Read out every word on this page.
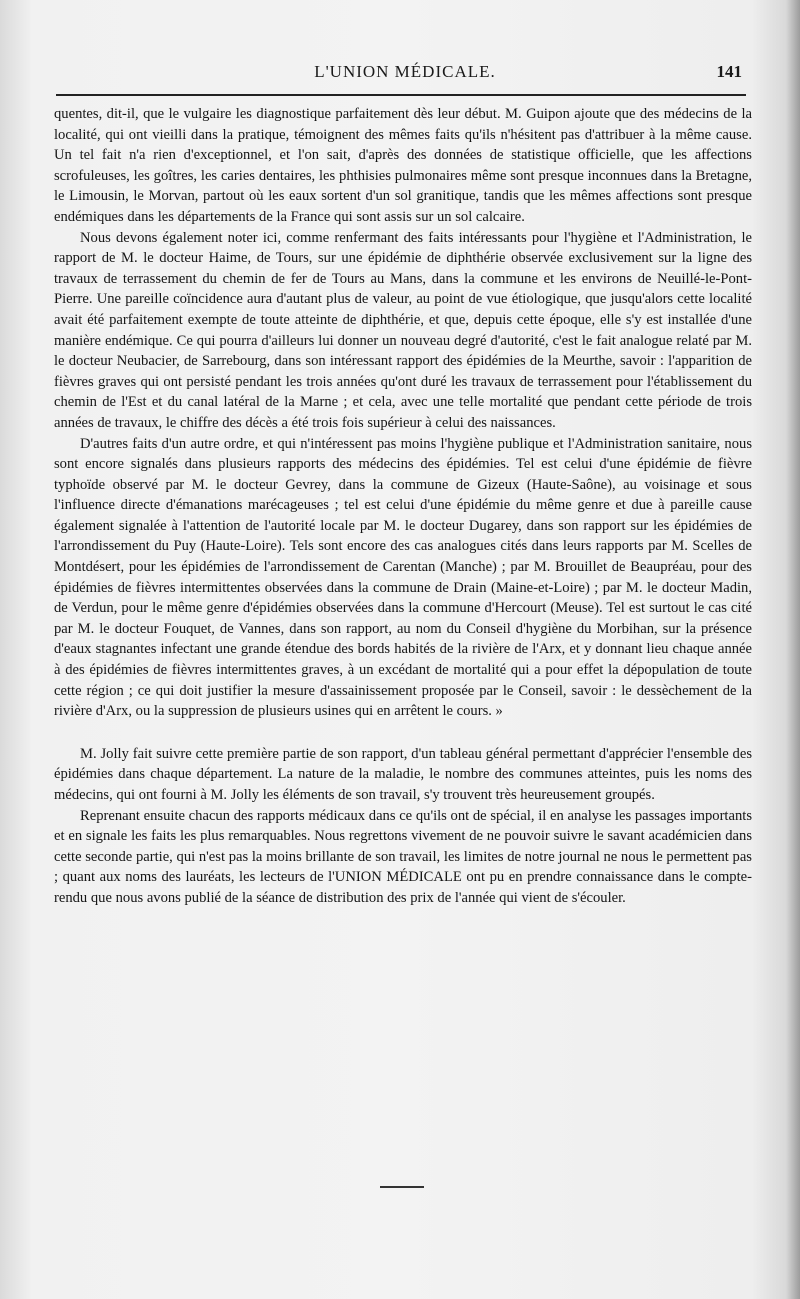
L'UNION MÉDICALE.	141

quentes, dit-il, que le vulgaire les diagnostique parfaitement dès leur début. M. Guipon ajoute que des médecins de la localité, qui ont vieilli dans la pratique, témoignent des mêmes faits qu'ils n'hésitent pas d'attribuer à la même cause. Un tel fait n'a rien d'exceptionnel, et l'on sait, d'après des données de statistique officielle, que les affections scrofuleuses, les goîtres, les caries dentaires, les phthisies pulmonaires même sont presque inconnues dans la Bretagne, le Limousin, le Morvan, partout où les eaux sortent d'un sol granitique, tandis que les mêmes affections sont presque endémiques dans les départements de la France qui sont assis sur un sol calcaire.

Nous devons également noter ici, comme renfermant des faits intéressants pour l'hygiène et l'Administration, le rapport de M. le docteur Haime, de Tours, sur une épidémie de diphthérie observée exclusivement sur la ligne des travaux de terrassement du chemin de fer de Tours au Mans, dans la commune et les environs de Neuillé-le-Pont-Pierre. Une pareille coïncidence aura d'autant plus de valeur, au point de vue étiologique, que jusqu'alors cette localité avait été parfaitement exempte de toute atteinte de diphthérie, et que, depuis cette époque, elle s'y est installée d'une manière endémique. Ce qui pourra d'ailleurs lui donner un nouveau degré d'autorité, c'est le fait analogue relaté par M. le docteur Neubacier, de Sarrebourg, dans son intéressant rapport des épidémies de la Meurthe, savoir : l'apparition de fièvres graves qui ont persisté pendant les trois années qu'ont duré les travaux de terrassement pour l'établissement du chemin de l'Est et du canal latéral de la Marne ; et cela, avec une telle mortalité que pendant cette période de trois années de travaux, le chiffre des décès a été trois fois supérieur à celui des naissances.

D'autres faits d'un autre ordre, et qui n'intéressent pas moins l'hygiène publique et l'Administration sanitaire, nous sont encore signalés dans plusieurs rapports des médecins des épidémies. Tel est celui d'une épidémie de fièvre typhoïde observé par M. le docteur Gevrey, dans la commune de Gizeux (Haute-Saône), au voisinage et sous l'influence directe d'émanations marécageuses ; tel est celui d'une épidémie du même genre et due à pareille cause également signalée à l'attention de l'autorité locale par M. le docteur Dugarey, dans son rapport sur les épidémies de l'arrondissement du Puy (Haute-Loire). Tels sont encore des cas analogues cités dans leurs rapports par M. Scelles de Montdésert, pour les épidémies de l'arrondissement de Carentan (Manche) ; par M. Brouillet de Beaupréau, pour des épidémies de fièvres intermittentes observées dans la commune de Drain (Maine-et-Loire) ; par M. le docteur Madin, de Verdun, pour le même genre d'épidémies observées dans la commune d'Hercourt (Meuse). Tel est surtout le cas cité par M. le docteur Fouquet, de Vannes, dans son rapport, au nom du Conseil d'hygiène du Morbihan, sur la présence d'eaux stagnantes infectant une grande étendue des bords habités de la rivière de l'Arx, et y donnant lieu chaque année à des épidémies de fièvres intermittentes graves, à un excédant de mortalité qui a pour effet la dépopulation de toute cette région ; ce qui doit justifier la mesure d'assainissement proposée par le Conseil, savoir : le dessèchement de la rivière d'Arx, ou la suppression de plusieurs usines qui en arrêtent le cours. »

M. Jolly fait suivre cette première partie de son rapport, d'un tableau général permettant d'apprécier l'ensemble des épidémies dans chaque département. La nature de la maladie, le nombre des communes atteintes, puis les noms des médecins, qui ont fourni à M. Jolly les éléments de son travail, s'y trouvent très heureusement groupés.

Reprenant ensuite chacun des rapports médicaux dans ce qu'ils ont de spécial, il en analyse les passages importants et en signale les faits les plus remarquables. Nous regrettons vivement de ne pouvoir suivre le savant académicien dans cette seconde partie, qui n'est pas la moins brillante de son travail, les limites de notre journal ne nous le permettent pas ; quant aux noms des lauréats, les lecteurs de l'UNION MÉDICALE ont pu en prendre connaissance dans le compte-rendu que nous avons publié de la séance de distribution des prix de l'année qui vient de s'écouler.
